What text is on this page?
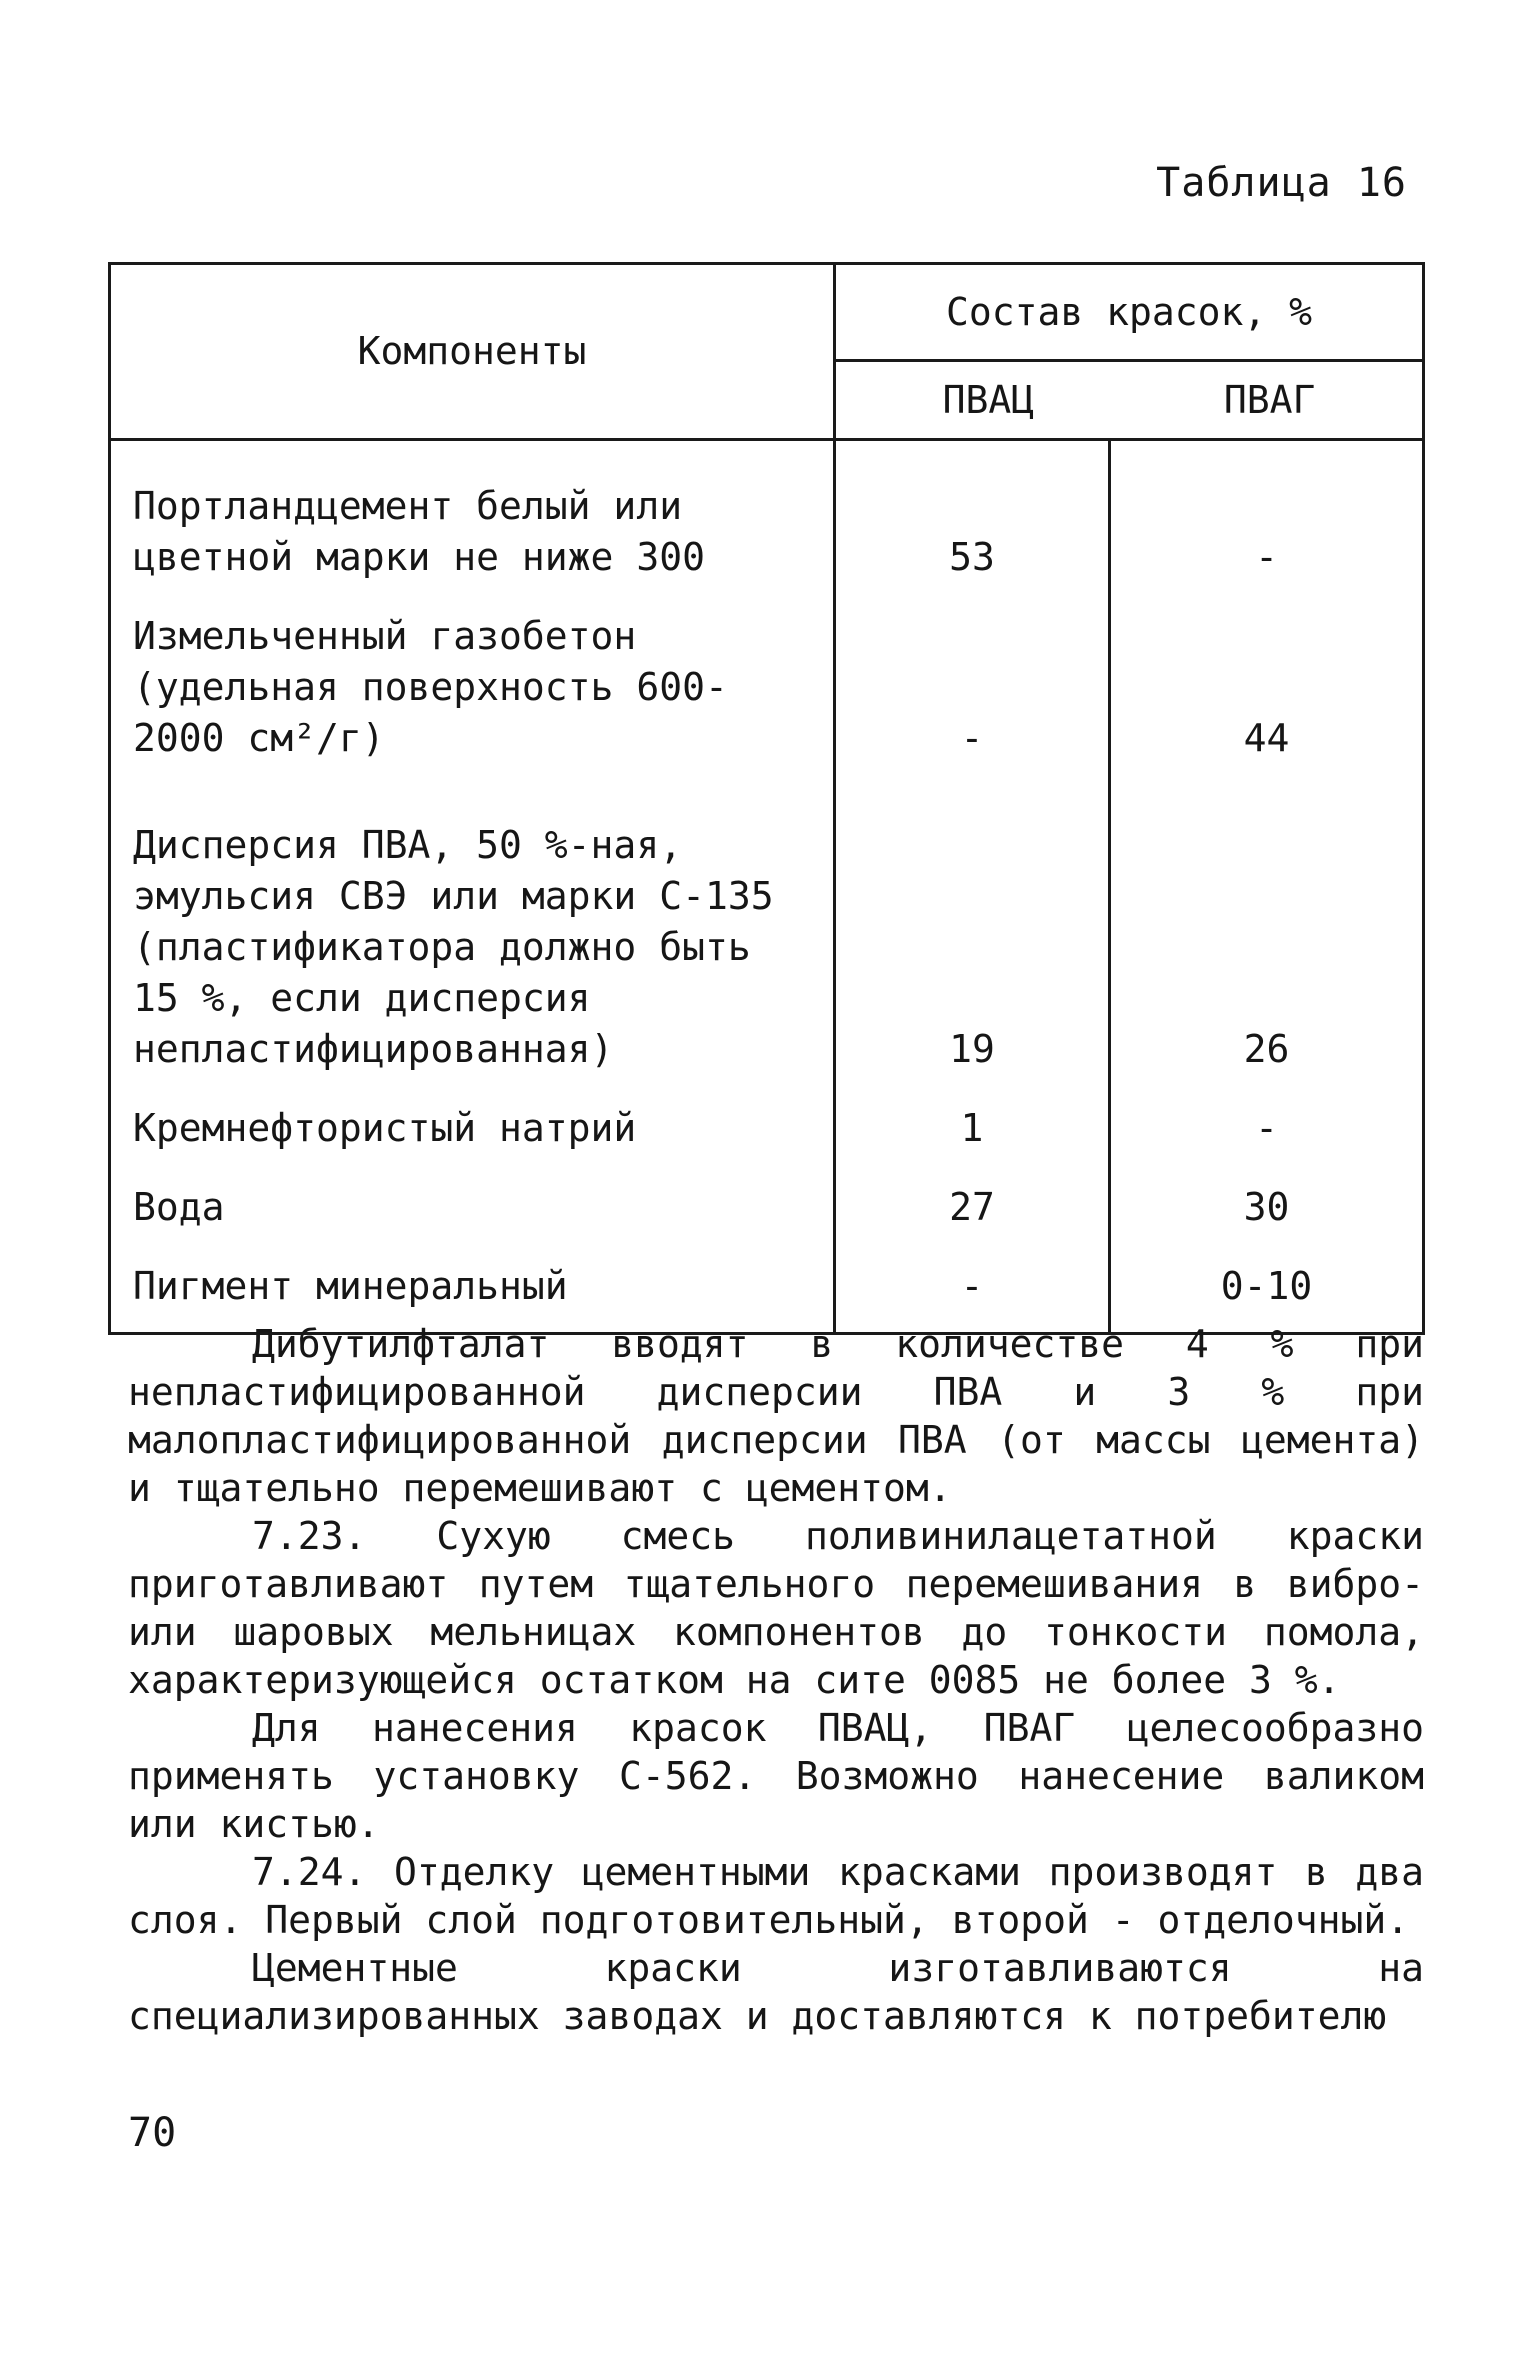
Таблица 16
Компоненты	Состав красок, %	
	ПВАЦ ПВАГ	
Портландцемент белый или цветной марки не ниже 300	53	-
Измельченный газобетон (удельная поверхность 600-2000 см²/г)	-	44
Дисперсия ПВА, 50 %-ная, эмульсия СВЭ или марки С-135 (пластификатора должно быть 15 %, если дисперсия непластифицированная)	19	26
Кремнефтористый натрий	1	-
Вода	27	30
Пигмент минеральный	-	0-10

Дибутилфталат вводят в количестве 4 % при непластифицированной дисперсии ПВА и 3 % при малопластифицированной дисперсии ПВА (от массы цемента) и тщательно перемешивают с цементом.

7.23. Сухую смесь поливинилацетатной краски приготавливают путем тщательного перемешивания в вибро- или шаровых мельницах компонентов до тонкости помола, характеризующейся остатком на сите 0085 не более 3 %.

Для нанесения красок ПВАЦ, ПВАГ целесообразно применять установку С-562. Возможно нанесение валиком или кистью.

7.24. Отделку цементными красками производят в два слоя. Первый слой подготовительный, второй - отделочный.

Цементные краски изготавливаются на специализированных заводах и доставляются к потребителю

70
